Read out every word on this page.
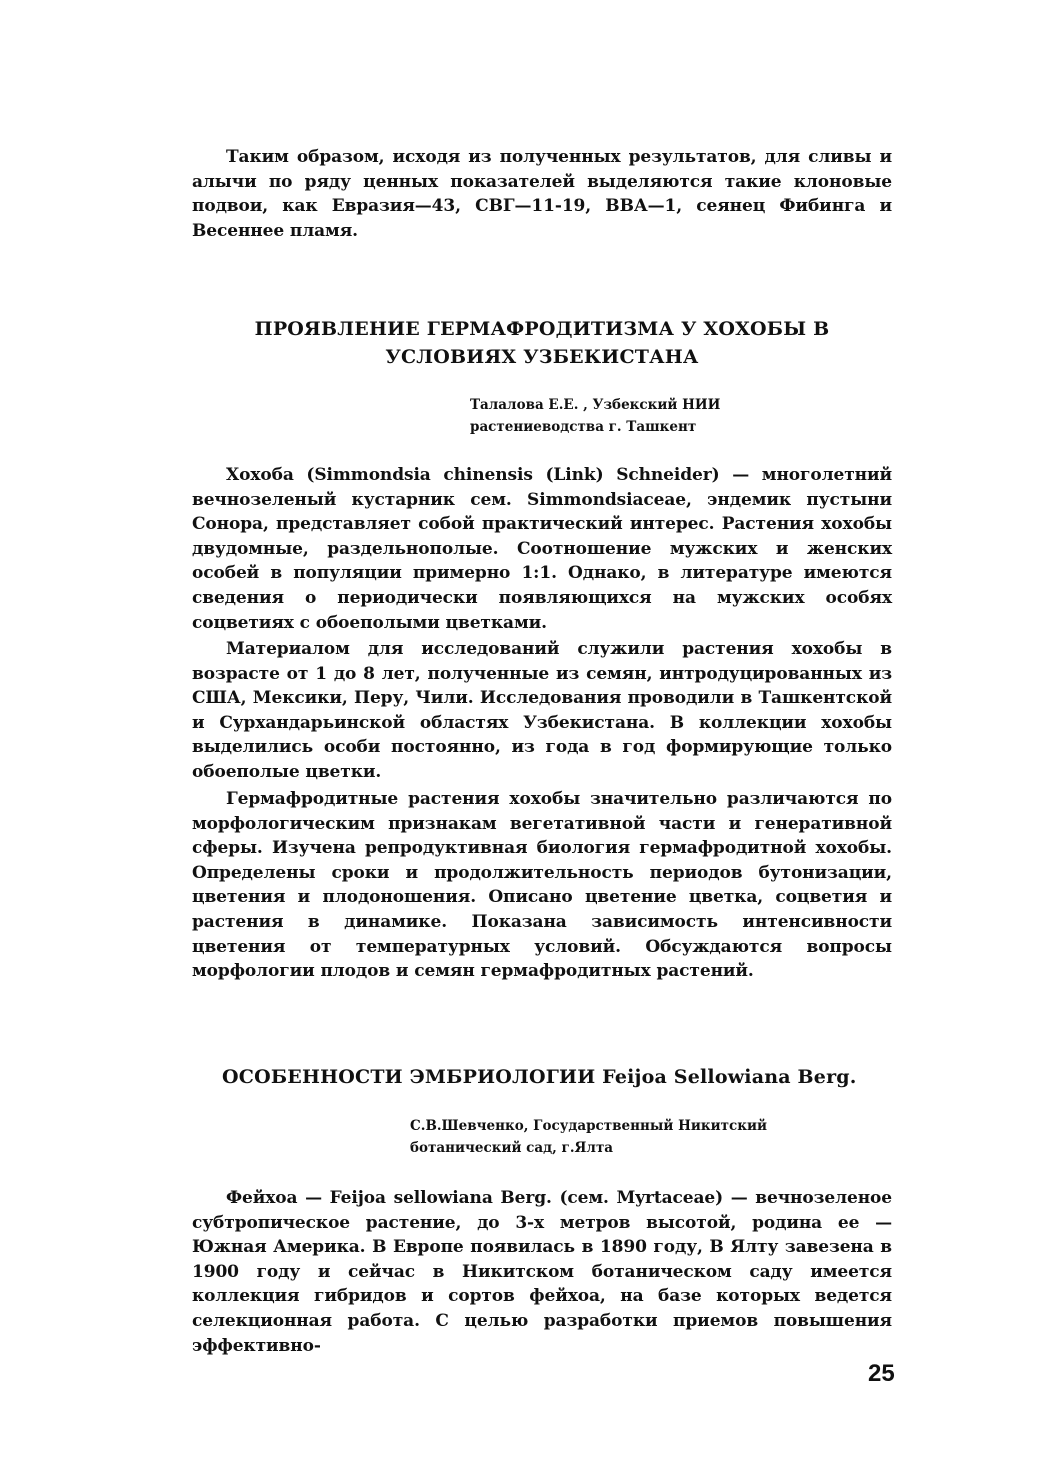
Таким образом, исходя из полученных результатов, для сливы и алычи по ряду ценных показателей выделяются такие клоновые подвои, как Евразия—43, СВГ—11-19, ВВА—1, сеянец Фибинга и Весеннее пламя.

ПРОЯВЛЕНИЕ ГЕРМАФРОДИТИЗМА У ХОХОБЫ В
УСЛОВИЯХ УЗБЕКИСТАНА
Талалова Е.Е. , Узбекский НИИ
растениеводства г. Ташкент

Хохоба (Simmondsia chinensis (Link) Schneider) — многолетний вечнозеленый кустарник сем. Simmondsiaceae, эндемик пустыни Сонора, представляет собой практический интерес. Растения хохобы двудомные, раздельнополые. Соотношение мужских и женских особей в популяции примерно 1:1. Однако, в литературе имеются сведения о периодически появляющихся на мужских особях соцветиях с обоеполыми цветками.

Материалом для исследований служили растения хохобы в возрасте от 1 до 8 лет, полученные из семян, интродуцированных из США, Мексики, Перу, Чили. Исследования проводили в Ташкентской и Сурхандарьинской областях Узбекистана. В коллекции хохобы выделились особи постоянно, из года в год формирующие только обоеполые цветки.

Гермафродитные растения хохобы значительно различаются по морфологическим признакам вегетативной части и генеративной сферы. Изучена репродуктивная биология гермафродитной хохобы. Определены сроки и продолжительность периодов бутонизации, цветения и плодоношения. Описано цветение цветка, соцветия и растения в динамике. Показана зависимость интенсивности цветения от температурных условий. Обсуждаются вопросы морфологии плодов и семян гермафродитных растений.

ОСОБЕННОСТИ ЭМБРИОЛОГИИ Feijoa Sellowiana Berg.
С.В.Шевченко, Государственный Никитский
ботанический сад, г.Ялта

Фейхоа — Feijoa sellowiana Berg. (сем. Myrtaceae) — вечнозеленое субтропическое растение, до 3-х метров высотой, родина ее — Южная Америка. В Европе появилась в 1890 году, В Ялту завезена в 1900 году и сейчас в Никитском ботаническом саду имеется коллекция гибридов и сортов фейхоа, на базе которых ведется селекционная работа. С целью разработки приемов повышения эффективно-

25
